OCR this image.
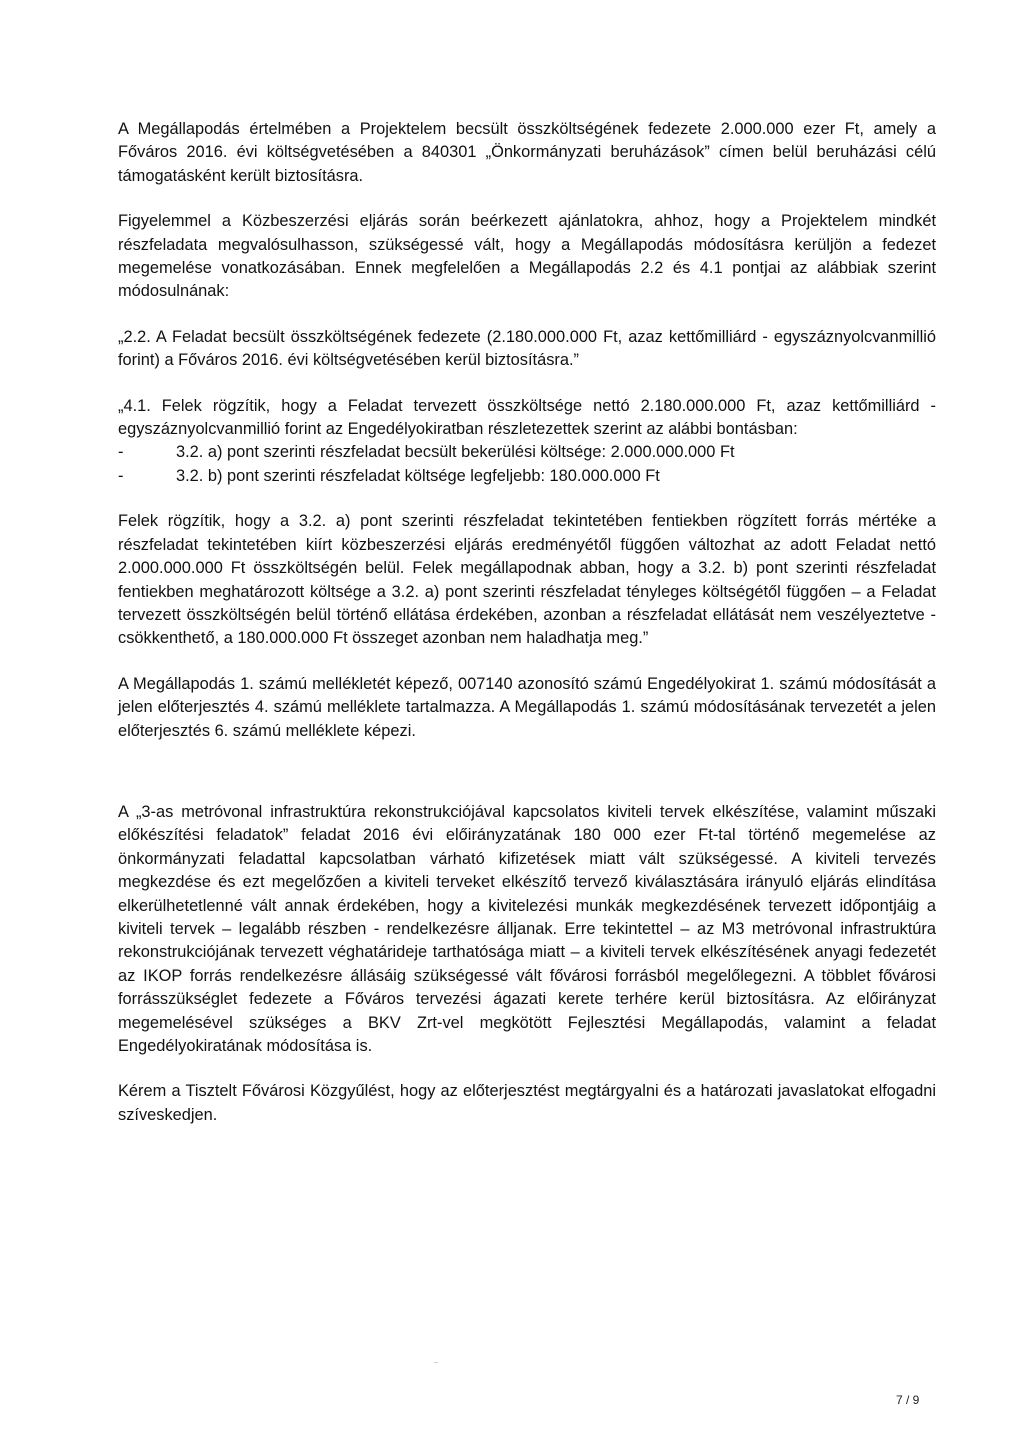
A Megállapodás értelmében a Projektelem becsült összköltségének fedezete 2.000.000 ezer Ft, amely a Főváros 2016. évi költségvetésében a 840301 „Önkormányzati beruházások” címen belül beruházási célú támogatásként került biztosításra.

Figyelemmel a Közbeszerzési eljárás során beérkezett ajánlatokra, ahhoz, hogy a Projektelem mindkét részfeladata megvalósulhasson, szükségessé vált, hogy a Megállapodás módosításra kerüljön a fedezet megemelése vonatkozásában. Ennek megfelelően a Megállapodás 2.2 és 4.1 pontjai az alábbiak szerint módosulnának:

„2.2. A Feladat becsült összköltségének fedezete (2.180.000.000 Ft, azaz kettőmilliárd - egyszáznyolcvanmillió forint) a Főváros 2016. évi költségvetésében kerül biztosításra.”

„4.1. Felek rögzítik, hogy a Feladat tervezett összköltsége nettó 2.180.000.000 Ft, azaz kettőmilliárd -egyszáznyolcvanmillió forint az Engedélyokiratban részletezettek szerint az alábbi bontásban:

-	3.2. a) pont szerinti részfeladat becsült bekerülési költsége: 2.000.000.000 Ft
-	3.2. b) pont szerinti részfeladat költsége legfeljebb: 180.000.000 Ft

Felek rögzítik, hogy a 3.2. a) pont szerinti részfeladat tekintetében fentiekben rögzített forrás mértéke a részfeladat tekintetében kiírt közbeszerzési eljárás eredményétől függően változhat az adott Feladat nettó 2.000.000.000 Ft összköltségén belül. Felek megállapodnak abban, hogy a 3.2. b) pont szerinti részfeladat fentiekben meghatározott költsége a 3.2. a) pont szerinti részfeladat tényleges költségétől függően – a Feladat tervezett összköltségén belül történő ellátása érdekében, azonban a részfeladat ellátását nem veszélyeztetve - csökkenthető, a 180.000.000 Ft összeget azonban nem haladhatja meg.”

A Megállapodás 1. számú mellékletét képező, 007140 azonosító számú Engedélyokirat 1. számú módosítását a jelen előterjesztés 4. számú melléklete tartalmazza. A Megállapodás 1. számú módosításának tervezetét a jelen előterjesztés 6. számú melléklete képezi.

A „3-as metróvonal infrastruktúra rekonstrukciójával kapcsolatos kiviteli tervek elkészítése, valamint műszaki előkészítési feladatok” feladat 2016 évi előirányzatának 180 000 ezer Ft-tal történő megemelése az önkormányzati feladattal kapcsolatban várható kifizetések miatt vált szükségessé. A kiviteli tervezés megkezdése és ezt megelőzően a kiviteli terveket elkészítő tervező kiválasztására irányuló eljárás elindítása elkerülhetetlenné vált annak érdekében, hogy a kivitelezési munkák megkezdésének tervezett időpontjáig a kiviteli tervek – legalább részben - rendelkezésre álljanak. Erre tekintettel – az M3 metróvonal infrastruktúra rekonstrukciójának tervezett véghatárideje tarthatósága miatt – a kiviteli tervek elkészítésének anyagi fedezetét az IKOP forrás rendelkezésre állásáig szükségessé vált fővárosi forrásból megelőlegezni. A többlet fővárosi forrásszükséglet fedezete a Főváros tervezési ágazati kerete terhére kerül biztosításra. Az előirányzat megemelésével szükséges a BKV Zrt-vel megkötött Fejlesztési Megállapodás, valamint a feladat Engedélyokiratának módosítása is.

Kérem a Tisztelt Fővárosi Közgyűlést, hogy az előterjesztést megtárgyalni és a határozati javaslatokat elfogadni szíveskedjen.

7 / 9
